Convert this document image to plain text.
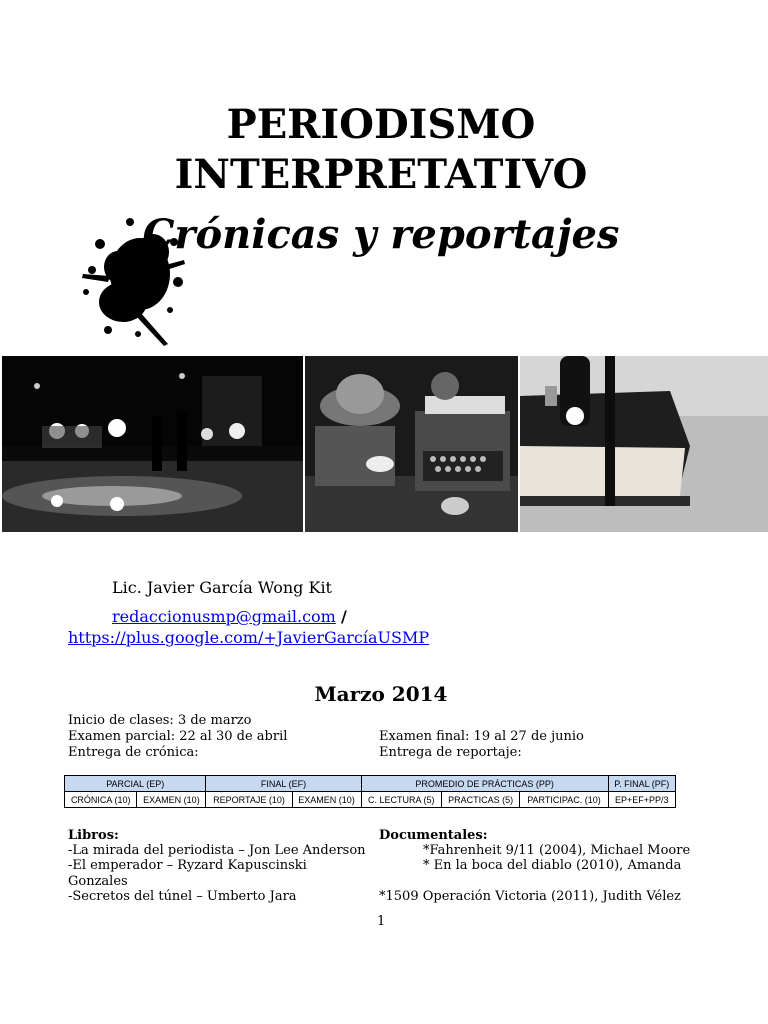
PERIODISMO
INTERPRETATIVO
Crónicas y reportajes
Lic. Javier García Wong Kit
redaccionusmp@gmail.com /
https://plus.google.com/+JavierGarcíaUSMP
Marzo 2014
Inicio de clases: 3 de marzo
Examen parcial: 22 al 30 de abril
Entrega de crónica:
Examen final: 19 al 27 de junio
Entrega de reportaje:
PARCIAL (EP)		FINAL (EF)		PROMEDIO DE PRÁCTICAS (PP)			P. FINAL (PF)
CRÓNICA (10)	EXAMEN (10)	REPORTAJE (10)	EXAMEN (10)	C. LECTURA (5)	PRACTICAS (5)	PARTICIPAC. (10)	EP+EF+PP/3
Libros:
-La mirada del periodista – Jon Lee Anderson
-El emperador – Ryzard Kapuscinski
Gonzales
-Secretos del túnel – Umberto Jara
Documentales:
*Fahrenheit 9/11 (2004), Michael Moore
* En la boca del diablo (2010), Amanda
*1509 Operación Victoria (2011), Judith Vélez
1
